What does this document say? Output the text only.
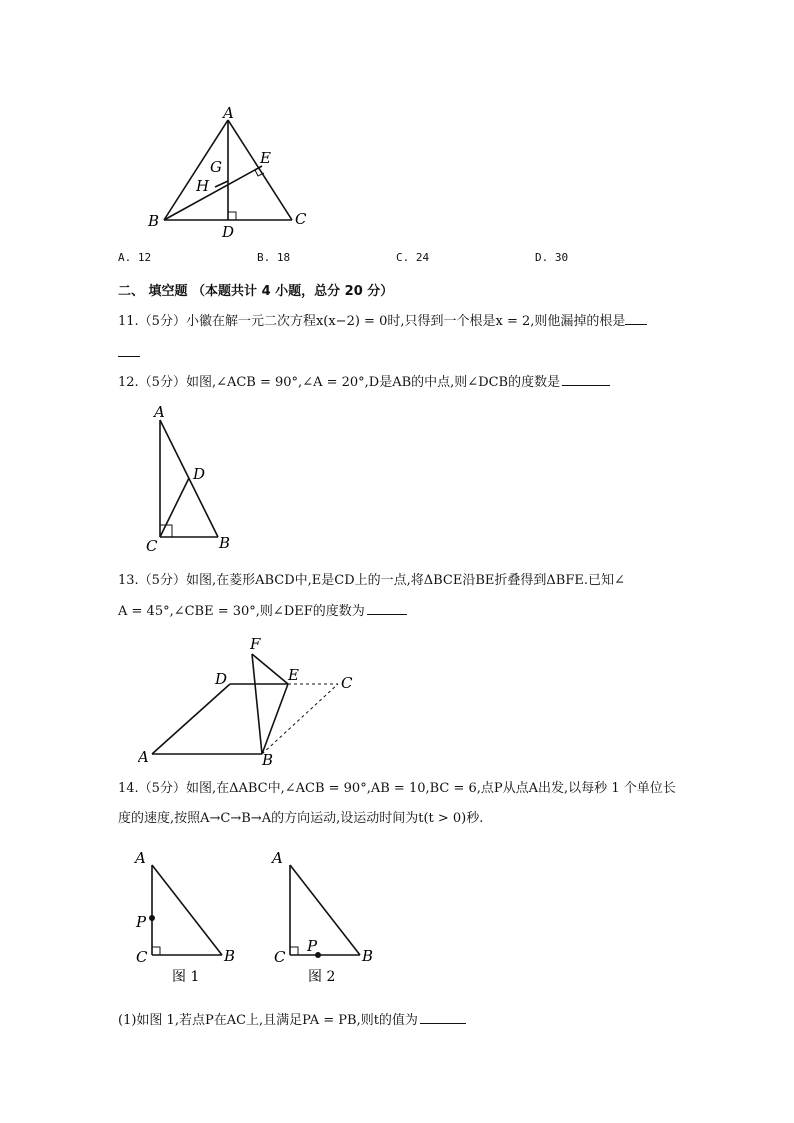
A
E
G
H
B
D
C
A. 12	B. 18	C. 24	D. 30
二、 填空题 （本题共计 4 小题，总分 20 分）
11.（5分）小徽在解一元二次方程x(x−2) = 0时,只得到一个根是x = 2,则他漏掉的根是
12.（5分）如图,∠ACB = 90°,∠A = 20°,D是AB的中点,则∠DCB的度数是
A
D
C	B
13.（5分）如图,在菱形ABCD中,E是CD上的一点,将ΔBCE沿BE折叠得到ΔBFE.已知∠
A = 45°,∠CBE = 30°,则∠DEF的度数为
F
D	E	C
A	B
14.（5分）如图,在ΔABC中,∠ACB = 90°,AB = 10,BC = 6,点P从点A出发,以每秒 1 个单位长
度的速度,按照A→C→B→A的方向运动,设运动时间为t(t > 0)秒.
A
P
C	B
图 1
A
P
C	B
图 2
(1)如图 1,若点P在AC上,且满足PA = PB,则t的值为
